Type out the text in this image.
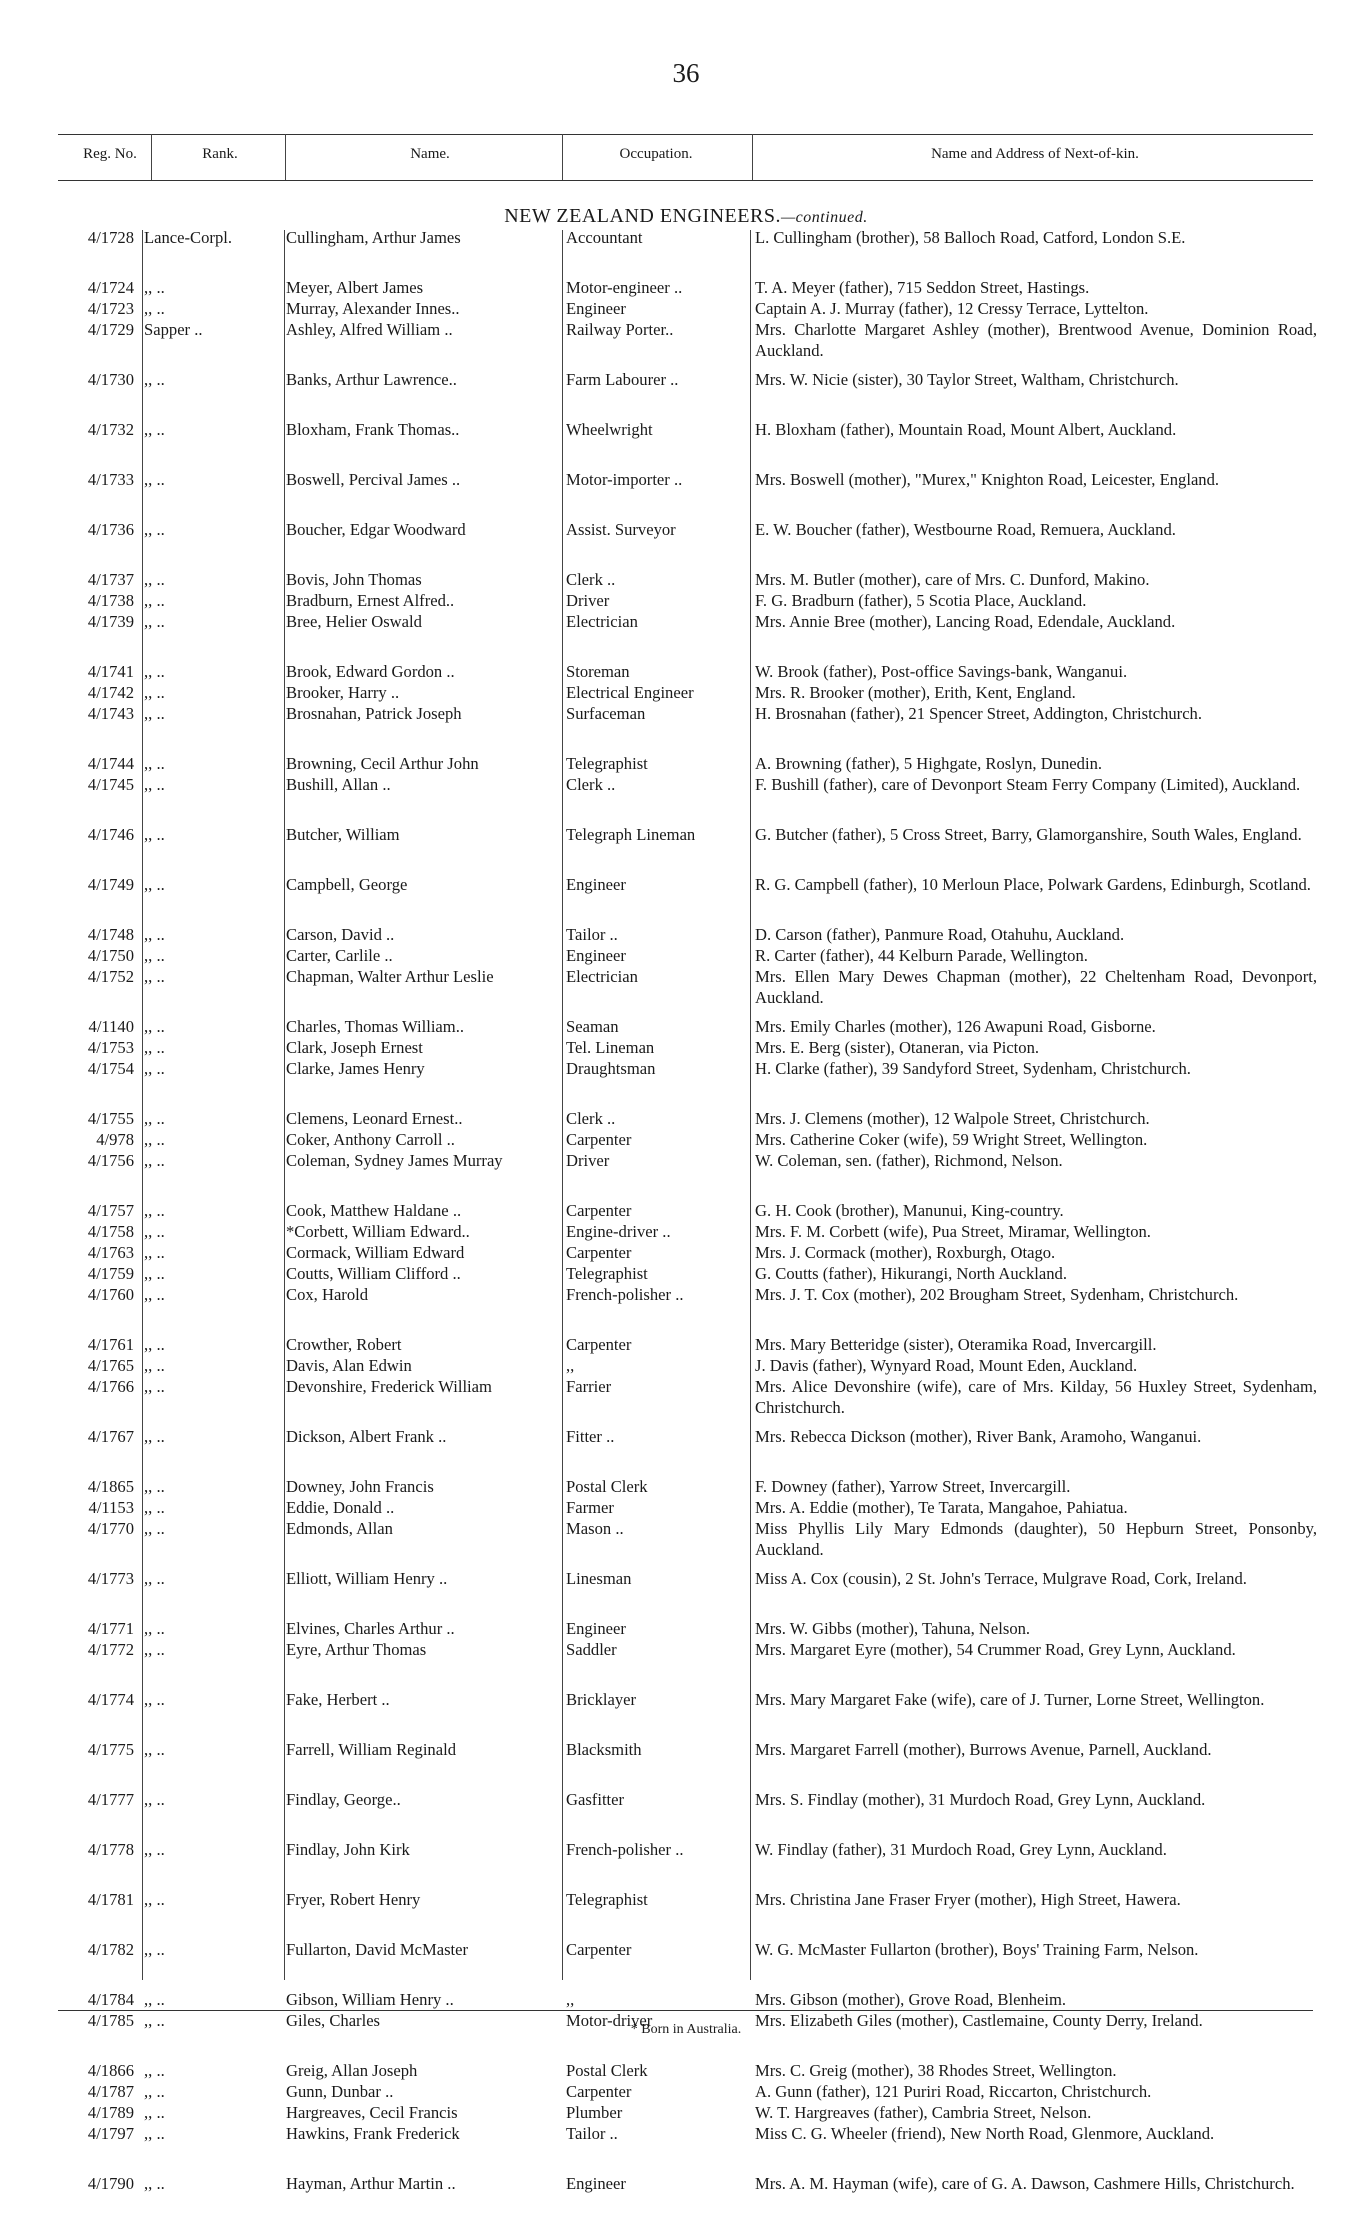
36
Reg. No.	Rank.	Name.	Occupation.	Name and Address of Next-of-kin.
NEW ZEALAND ENGINEERS.—continued.
4/1728 Lance-Corpl.	Cullingham, Arthur James	Accountant	L. Cullingham (brother), 58 Balloch Road, Catford, London S.E.
4/1724 ,, ..	Meyer, Albert James	Motor-engineer ..	T. A. Meyer (father), 715 Seddon Street, Hastings.
4/1723 ,, ..	Murray, Alexander Innes..	Engineer	Captain A. J. Murray (father), 12 Cressy Terrace, Lyttelton.
4/1729 Sapper ..	Ashley, Alfred William ..	Railway Porter..	Mrs. Charlotte Margaret Ashley (mother), Brentwood Avenue, Dominion Road, Auckland.
4/1730 ,, ..	Banks, Arthur Lawrence..	Farm Labourer ..	Mrs. W. Nicie (sister), 30 Taylor Street, Waltham, Christchurch.
4/1732 ,, ..	Bloxham, Frank Thomas..	Wheelwright	H. Bloxham (father), Mountain Road, Mount Albert, Auckland.
4/1733 ,, ..	Boswell, Percival James ..	Motor-importer ..	Mrs. Boswell (mother), "Murex," Knighton Road, Leicester, England.
4/1736 ,, ..	Boucher, Edgar Woodward	Assist. Surveyor	E. W. Boucher (father), Westbourne Road, Remuera, Auckland.
4/1737 ,, ..	Bovis, John Thomas	Clerk ..	Mrs. M. Butler (mother), care of Mrs. C. Dunford, Makino.
4/1738 ,, ..	Bradburn, Ernest Alfred..	Driver	F. G. Bradburn (father), 5 Scotia Place, Auckland.
4/1739 ,, ..	Bree, Helier Oswald	Electrician	Mrs. Annie Bree (mother), Lancing Road, Edendale, Auckland.
4/1741 ,, ..	Brook, Edward Gordon ..	Storeman	W. Brook (father), Post-office Savings-bank, Wanganui.
4/1742 ,, ..	Brooker, Harry ..	Electrical Engineer	Mrs. R. Brooker (mother), Erith, Kent, England.
4/1743 ,, ..	Brosnahan, Patrick Joseph	Surfaceman	H. Brosnahan (father), 21 Spencer Street, Addington, Christchurch.
4/1744 ,, ..	Browning, Cecil Arthur John	Telegraphist	A. Browning (father), 5 Highgate, Roslyn, Dunedin.
4/1745 ,, ..	Bushill, Allan ..	Clerk ..	F. Bushill (father), care of Devonport Steam Ferry Company (Limited), Auckland.
4/1746 ,, ..	Butcher, William	Telegraph Lineman	G. Butcher (father), 5 Cross Street, Barry, Glamorganshire, South Wales, England.
4/1749 ,, ..	Campbell, George	Engineer	R. G. Campbell (father), 10 Merloun Place, Polwark Gardens, Edinburgh, Scotland.
4/1748 ,, ..	Carson, David ..	Tailor ..	D. Carson (father), Panmure Road, Otahuhu, Auckland.
4/1750 ,, ..	Carter, Carlile ..	Engineer	R. Carter (father), 44 Kelburn Parade, Wellington.
4/1752 ,, ..	Chapman, Walter Arthur Leslie	Electrician	Mrs. Ellen Mary Dewes Chapman (mother), 22 Cheltenham Road, Devonport, Auckland.
4/1140 ,, ..	Charles, Thomas William..	Seaman	Mrs. Emily Charles (mother), 126 Awapuni Road, Gisborne.
4/1753 ,, ..	Clark, Joseph Ernest	Tel. Lineman	Mrs. E. Berg (sister), Otaneran, via Picton.
4/1754 ,, ..	Clarke, James Henry	Draughtsman	H. Clarke (father), 39 Sandyford Street, Sydenham, Christchurch.
4/1755 ,, ..	Clemens, Leonard Ernest..	Clerk ..	Mrs. J. Clemens (mother), 12 Walpole Street, Christchurch.
4/978 ,, ..	Coker, Anthony Carroll ..	Carpenter	Mrs. Catherine Coker (wife), 59 Wright Street, Wellington.
4/1756 ,, ..	Coleman, Sydney James Murray	Driver	W. Coleman, sen. (father), Richmond, Nelson.
4/1757 ,, ..	Cook, Matthew Haldane ..	Carpenter	G. H. Cook (brother), Manunui, King-country.
4/1758 ,, ..	*Corbett, William Edward..	Engine-driver ..	Mrs. F. M. Corbett (wife), Pua Street, Miramar, Wellington.
4/1763 ,, ..	Cormack, William Edward	Carpenter	Mrs. J. Cormack (mother), Roxburgh, Otago.
4/1759 ,, ..	Coutts, William Clifford ..	Telegraphist	G. Coutts (father), Hikurangi, North Auckland.
4/1760 ,, ..	Cox, Harold	French-polisher ..	Mrs. J. T. Cox (mother), 202 Brougham Street, Sydenham, Christchurch.
4/1761 ,, ..	Crowther, Robert	Carpenter	Mrs. Mary Betteridge (sister), Oteramika Road, Invercargill.
4/1765 ,, ..	Davis, Alan Edwin	,,	J. Davis (father), Wynyard Road, Mount Eden, Auckland.
4/1766 ,, ..	Devonshire, Frederick William	Farrier	Mrs. Alice Devonshire (wife), care of Mrs. Kilday, 56 Huxley Street, Sydenham, Christchurch.
4/1767 ,, ..	Dickson, Albert Frank ..	Fitter ..	Mrs. Rebecca Dickson (mother), River Bank, Aramoho, Wanganui.
4/1865 ,, ..	Downey, John Francis	Postal Clerk	F. Downey (father), Yarrow Street, Invercargill.
4/1153 ,, ..	Eddie, Donald ..	Farmer	Mrs. A. Eddie (mother), Te Tarata, Mangahoe, Pahiatua.
4/1770 ,, ..	Edmonds, Allan	Mason ..	Miss Phyllis Lily Mary Edmonds (daughter), 50 Hepburn Street, Ponsonby, Auckland.
4/1773 ,, ..	Elliott, William Henry ..	Linesman	Miss A. Cox (cousin), 2 St. John's Terrace, Mulgrave Road, Cork, Ireland.
4/1771 ,, ..	Elvines, Charles Arthur ..	Engineer	Mrs. W. Gibbs (mother), Tahuna, Nelson.
4/1772 ,, ..	Eyre, Arthur Thomas	Saddler	Mrs. Margaret Eyre (mother), 54 Crummer Road, Grey Lynn, Auckland.
4/1774 ,, ..	Fake, Herbert ..	Bricklayer	Mrs. Mary Margaret Fake (wife), care of J. Turner, Lorne Street, Wellington.
4/1775 ,, ..	Farrell, William Reginald	Blacksmith	Mrs. Margaret Farrell (mother), Burrows Avenue, Parnell, Auckland.
4/1777 ,, ..	Findlay, George..	Gasfitter	Mrs. S. Findlay (mother), 31 Murdoch Road, Grey Lynn, Auckland.
4/1778 ,, ..	Findlay, John Kirk	French-polisher ..	W. Findlay (father), 31 Murdoch Road, Grey Lynn, Auckland.
4/1781 ,, ..	Fryer, Robert Henry	Telegraphist	Mrs. Christina Jane Fraser Fryer (mother), High Street, Hawera.
4/1782 ,, ..	Fullarton, David McMaster	Carpenter	W. G. McMaster Fullarton (brother), Boys' Training Farm, Nelson.
4/1784 ,, ..	Gibson, William Henry ..	,,	Mrs. Gibson (mother), Grove Road, Blenheim.
4/1785 ,, ..	Giles, Charles	Motor-driver	Mrs. Elizabeth Giles (mother), Castlemaine, County Derry, Ireland.
4/1866 ,, ..	Greig, Allan Joseph	Postal Clerk	Mrs. C. Greig (mother), 38 Rhodes Street, Wellington.
4/1787 ,, ..	Gunn, Dunbar ..	Carpenter	A. Gunn (father), 121 Puriri Road, Riccarton, Christchurch.
4/1789 ,, ..	Hargreaves, Cecil Francis	Plumber	W. T. Hargreaves (father), Cambria Street, Nelson.
4/1797 ,, ..	Hawkins, Frank Frederick	Tailor ..	Miss C. G. Wheeler (friend), New North Road, Glenmore, Auckland.
4/1790 ,, ..	Hayman, Arthur Martin ..	Engineer	Mrs. A. M. Hayman (wife), care of G. A. Dawson, Cashmere Hills, Christchurch.
* Born in Australia.
